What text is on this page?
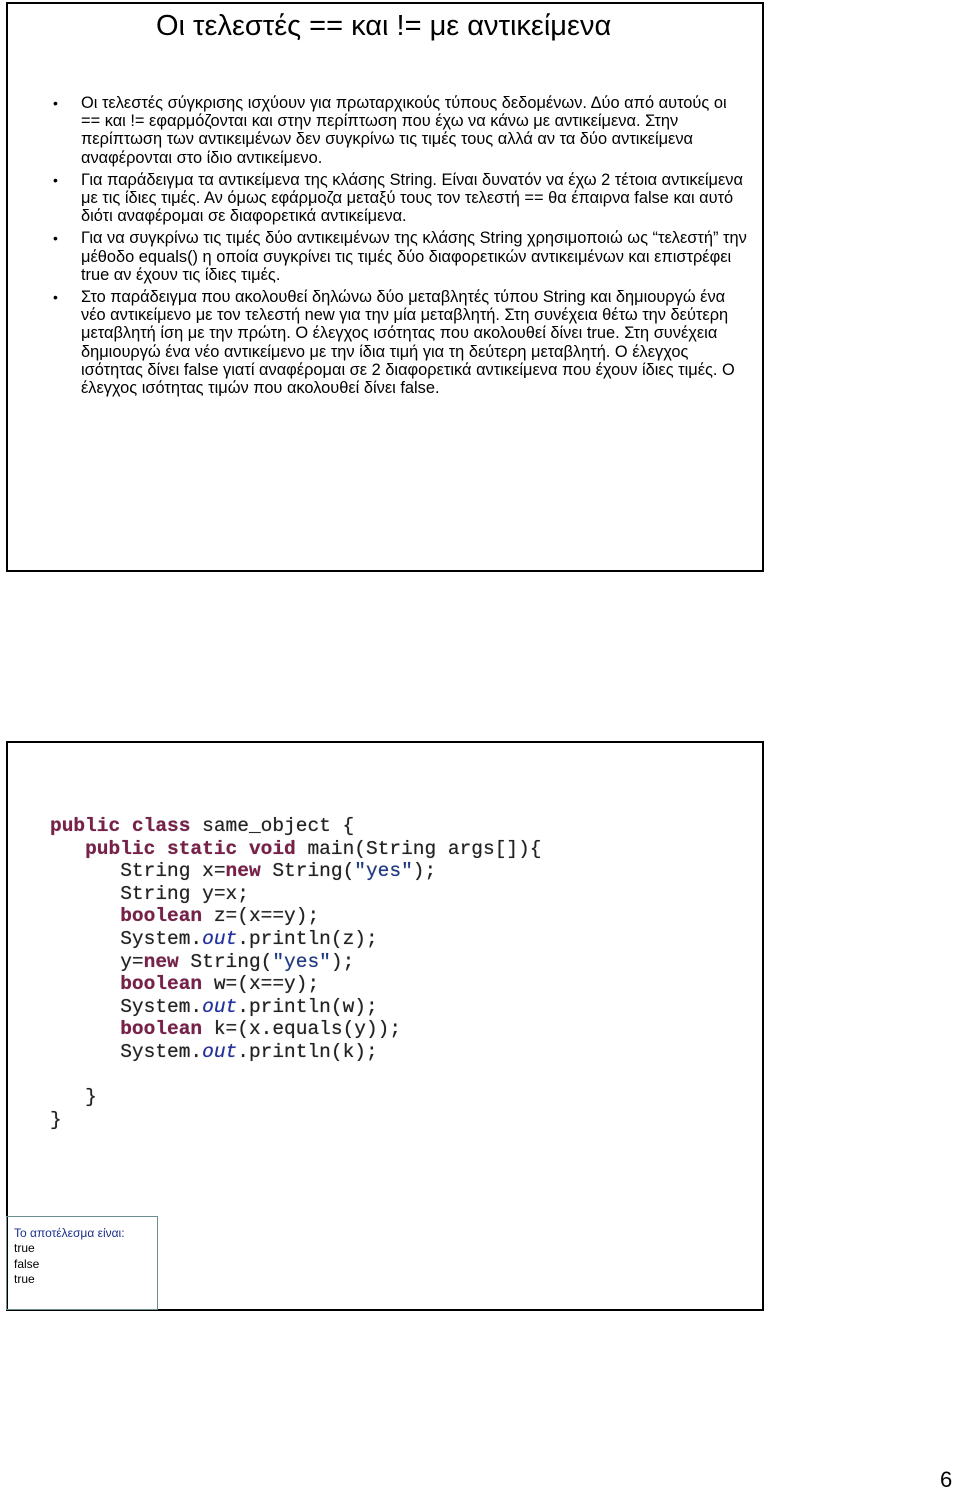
Οι τελεστές == και != με αντικείμενα
• Οι τελεστές σύγκρισης ισχύουν για πρωταρχικούς τύπους δεδομένων. Δύο από αυτούς οι == και != εφαρμόζονται και στην περίπτωση που έχω να κάνω με αντικείμενα. Στην περίπτωση των αντικειμένων δεν συγκρίνω τις τιμές τους αλλά αν τα δύο αντικείμενα αναφέρονται στο ίδιο αντικείμενο.
• Για παράδειγμα τα αντικείμενα της κλάσης String. Είναι δυνατόν να έχω 2 τέτοια αντικείμενα με τις ίδιες τιμές. Αν όμως εφάρμοζα μεταξύ τους τον τελεστή == θα έπαιρνα false και αυτό διότι αναφέρομαι σε διαφορετικά αντικείμενα.
• Για να συγκρίνω τις τιμές δύο αντικειμένων της κλάσης String χρησιμοποιώ ως “τελεστή” την μέθοδο equals() η οποία συγκρίνει τις τιμές δύο διαφορετικών αντικειμένων και επιστρέφει true αν έχουν τις ίδιες τιμές.
• Στο παράδειγμα που ακολουθεί δηλώνω δύο μεταβλητές τύπου String και δημιουργώ ένα νέο αντικείμενο με τον τελεστή new για την μία μεταβλητή. Στη συνέχεια θέτω την δεύτερη μεταβλητή ίση με την πρώτη. Ο έλεγχος ισότητας που ακολουθεί δίνει true. Στη συνέχεια δημιουργώ ένα νέο αντικείμενο με την ίδια τιμή για τη δεύτερη μεταβλητή. Ο έλεγχος ισότητας δίνει false γιατί αναφέρομαι σε 2 διαφορετικά αντικείμενα που έχουν ίδιες τιμές. Ο έλεγχος ισότητας τιμών που ακολουθεί δίνει false.
public class same_object {
public static void main(String args[]){
String x=new String("yes");
String y=x;
boolean z=(x==y);
System.out.println(z);
y=new String("yes");
boolean w=(x==y);
System.out.println(w);
boolean k=(x.equals(y));
System.out.println(k);

}
}
Το αποτέλεσμα είναι:
true
false
true
6
